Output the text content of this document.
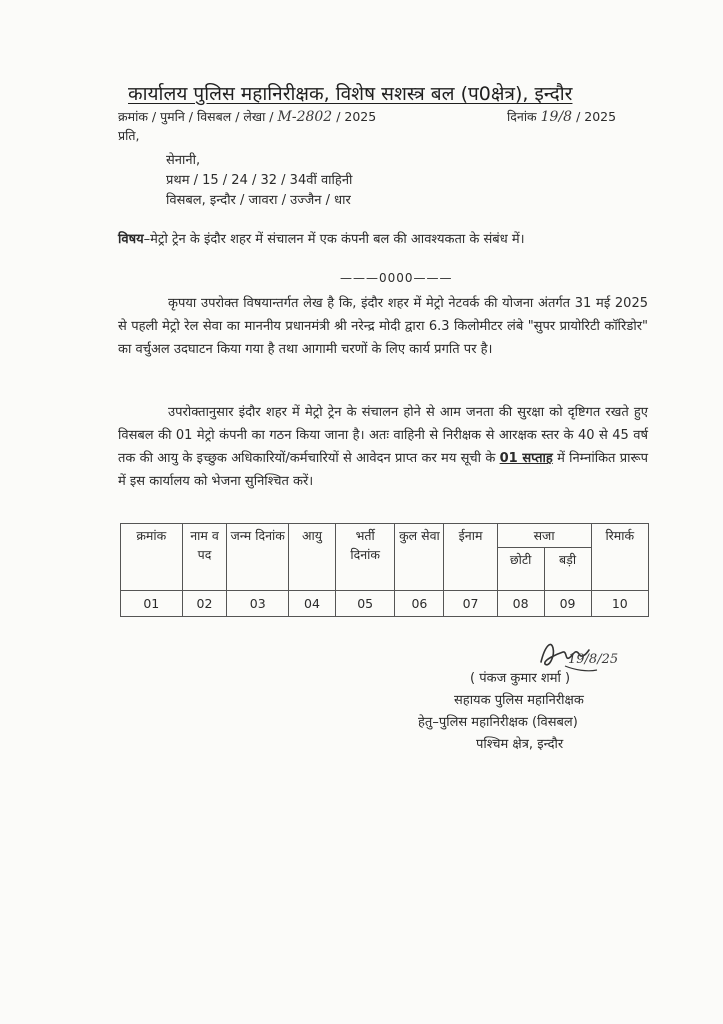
कार्यालय पुलिस महानिरीक्षक, विशेष सशस्त्र बल (प0क्षेत्र), इन्दौर
क्रमांक / पुमनि / विसबल / लेखा / M-2802 / 2025	दिनांक 19/8 / 2025
प्रति,
सेनानी,
प्रथम / 15 / 24 / 32 / 34वीं वाहिनी
विसबल, इन्दौर / जावरा / उज्जैन / धार
विषय–मेट्रो ट्रेन के इंदौर शहर में संचालन में एक कंपनी बल की आवश्यकता के संबंध में।
———0000———
कृपया उपरोक्त विषयान्तर्गत लेख है कि, इंदौर शहर में मेट्रो नेटवर्क की योजना अंतर्गत 31 मई 2025 से पहली मेट्रो रेल सेवा का माननीय प्रधानमंत्री श्री नरेन्द्र मोदी द्वारा 6.3 किलोमीटर लंबे "सुपर प्रायोरिटी कॉरिडोर" का वर्चुअल उदघाटन किया गया है तथा आगामी चरणों के लिए कार्य प्रगति पर है।
उपरोक्तानुसार इंदौर शहर में मेट्रो ट्रेन के संचालन होने से आम जनता की सुरक्षा को दृष्टिगत रखते हुए विसबल की 01 मेट्रो कंपनी का गठन किया जाना है। अतः वाहिनी से निरीक्षक से आरक्षक स्तर के 40 से 45 वर्ष तक की आयु के इच्छुक अधिकारियों/कर्मचारियों से आवेदन प्राप्त कर मय सूची के 01 सप्ताह में निम्नांकित प्रारूप में इस कार्यालय को भेजना सुनिश्चित करें।
क्रमांक	नाम व पद	जन्म दिनांक	आयु	भर्ती दिनांक	कुल सेवा	ईनाम	सजा		रिमार्क
							छोटी	बड़ी	
01	02	03	04	05	06	07	08	09	10
19/8/25
( पंकज कुमार शर्मा )
सहायक पुलिस महानिरीक्षक
हेतु–पुलिस महानिरीक्षक (विसबल)
पश्चिम क्षेत्र, इन्दौर
